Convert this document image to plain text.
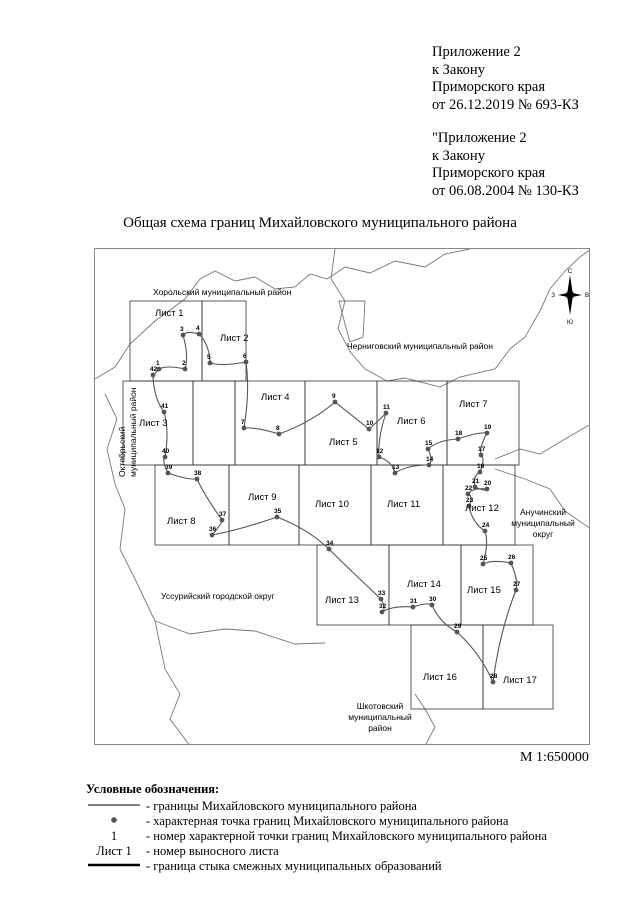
Приложение 2
к Закону
Приморского края
от 26.12.2019 № 693-КЗ
"Приложение 2
к Закону
Приморского края
от 06.08.2004 № 130-КЗ
Общая схема границ Михайловского муниципального района
1	2
3 4
5	6
7
8
9
10
11
12
13
14
15
16
17
18
19
20
21
22
23
24
25	26
27
28
29
30
31
32
33
34
35
36
37
38
39
40
41
42
Лист 1
Лист 2
Лист 3
Лист 4
Лист 5
Лист 6
Лист 7
Лист 8
Лист 9
Лист 10	Лист 11	Лист 12
Лист 13
Лист 14
Лист 15
Лист 16	Лист 17
Хорольский муниципальный район
Черниговский муниципальный район
Октябрьский муниципальный район
Анучинский
муниципальный
округ
Уссурийский городской округ
Шкотовский
муниципальный
район
С
Ю
З	В
М 1:650000
Условные обозначения:
- границы Михайловского муниципального района
- характерная точка границ Михайловского муниципального района
1	- номер характерной точки границ Михайловского муниципального района
Лист 1	- номер выносного листа
- граница стыка смежных муниципальных образований
